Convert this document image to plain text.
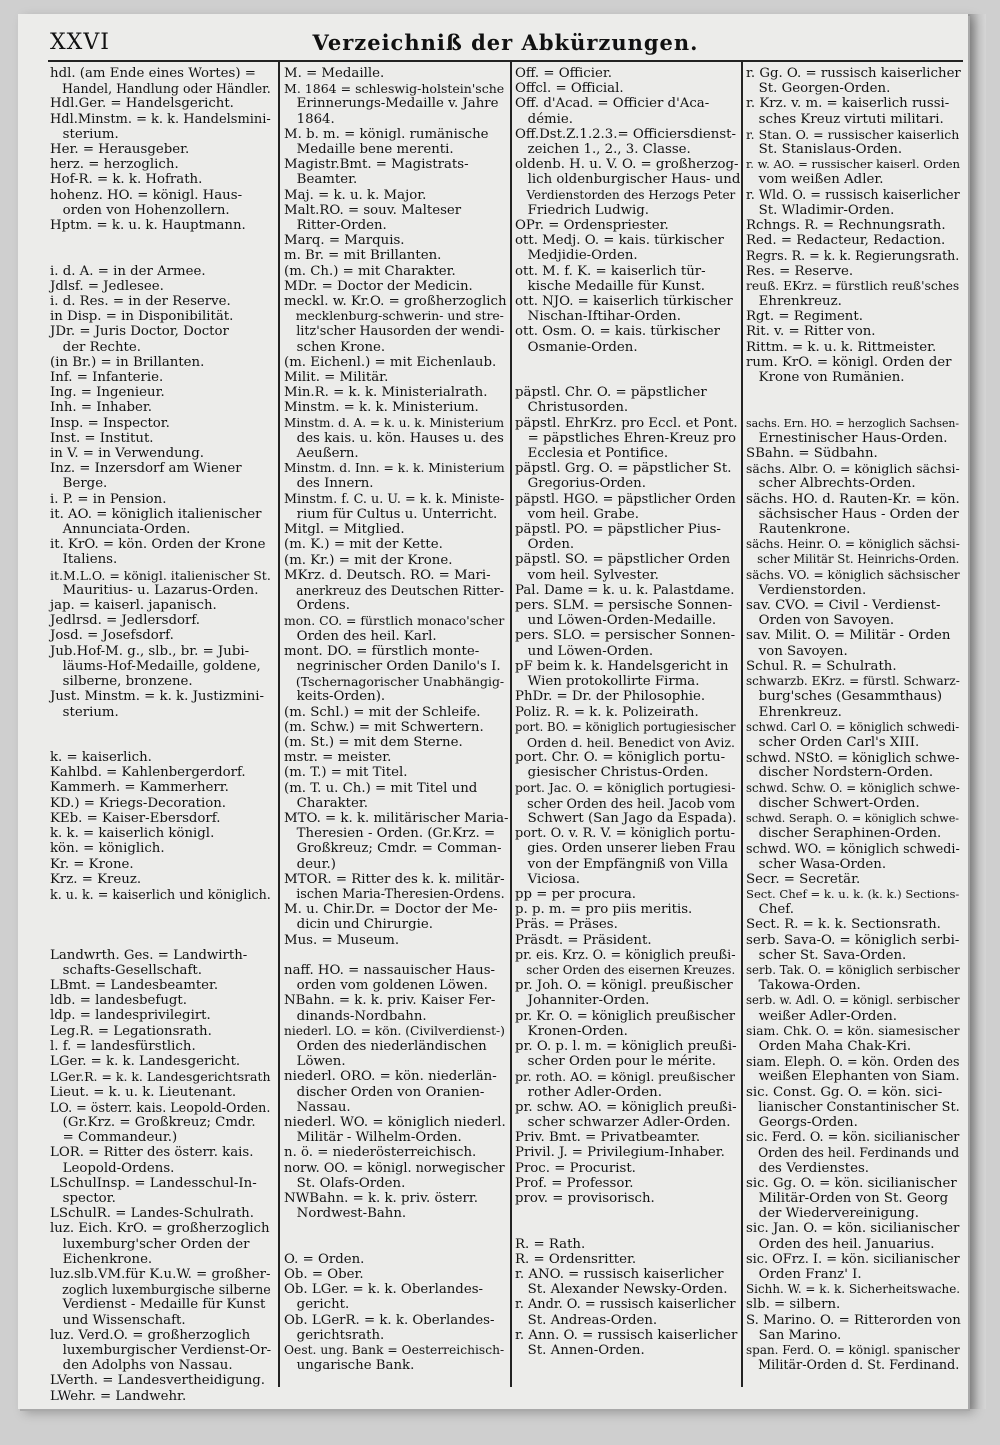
XXVI	Verzeichniß der Abkürzungen.
hdl. (am Ende eines Wortes) =
Handel, Handlung oder Händler.
Hdl.Ger. = Handelsgericht.
Hdl.Minstm. = k. k. Handelsmini-
sterium.
Her. = Herausgeber.
herz. = herzoglich.
Hof-R. = k. k. Hofrath.
hohenz. HO. = königl. Haus-
orden von Hohenzollern.
Hptm. = k. u. k. Hauptmann.
i. d. A. = in der Armee.
Jdlsf. = Jedlesee.
i. d. Res. = in der Reserve.
in Disp. = in Disponibilität.
JDr. = Juris Doctor, Doctor
der Rechte.
(in Br.) = in Brillanten.
Inf. = Infanterie.
Ing. = Ingenieur.
Inh. = Inhaber.
Insp. = Inspector.
Inst. = Institut.
in V. = in Verwendung.
Inz. = Inzersdorf am Wiener
Berge.
i. P. = in Pension.
it. AO. = königlich italienischer
Annunciata-Orden.
it. KrO. = kön. Orden der Krone
Italiens.
it.M.L.O. = königl. italienischer St.
Mauritius- u. Lazarus-Orden.
jap. = kaiserl. japanisch.
Jedlrsd. = Jedlersdorf.
Josd. = Josefsdorf.
Jub.Hof-M. g., slb., br. = Jubi-
läums-Hof-Medaille, goldene,
silberne, bronzene.
Just. Minstm. = k. k. Justizmini-
sterium.
k. = kaiserlich.
Kahlbd. = Kahlenbergerdorf.
Kammerh. = Kammerherr.
KD.) = Kriegs-Decoration.
KEb. = Kaiser-Ebersdorf.
k. k. = kaiserlich königl.
kön. = königlich.
Kr. = Krone.
Krz. = Kreuz.
k. u. k. = kaiserlich und königlich.
Landwrth. Ges. = Landwirth-
schafts-Gesellschaft.
LBmt. = Landesbeamter.
ldb. = landesbefugt.
ldp. = landesprivilegirt.
Leg.R. = Legationsrath.
l. f. = landesfürstlich.
LGer. = k. k. Landesgericht.
LGer.R. = k. k. Landesgerichtsrath
Lieut. = k. u. k. Lieutenant.
LO. = österr. kais. Leopold-Orden.
(Gr.Krz. = Großkreuz; Cmdr.
= Commandeur.)
LOR. = Ritter des österr. kais.
Leopold-Ordens.
LSchulInsp. = Landesschul-In-
spector.
LSchulR. = Landes-Schulrath.
luz. Eich. KrO. = großherzoglich
luxemburg'scher Orden der
Eichenkrone.
luz.slb.VM.für K.u.W. = großher-
zoglich luxemburgische silberne
Verdienst - Medaille für Kunst
und Wissenschaft.
luz. Verd.O. = großherzoglich
luxemburgischer Verdienst-Or-
den Adolphs von Nassau.
LVerth. = Landesvertheidigung.
LWehr. = Landwehr.
M. = Medaille.
M. 1864 = schleswig-holstein'sche
Erinnerungs-Medaille v. Jahre
1864.
M. b. m. = königl. rumänische
Medaille bene merenti.
Magistr.Bmt. = Magistrats-
Beamter.
Maj. = k. u. k. Major.
Malt.RO. = souv. Malteser
Ritter-Orden.
Marq. = Marquis.
m. Br. = mit Brillanten.
(m. Ch.) = mit Charakter.
MDr. = Doctor der Medicin.
meckl. w. Kr.O. = großherzoglich
mecklenburg-schwerin- und stre-
litz'scher Hausorden der wendi-
schen Krone.
(m. Eichenl.) = mit Eichenlaub.
Milit. = Militär.
Min.R. = k. k. Ministerialrath.
Minstm. = k. k. Ministerium.
Minstm. d. A. = k. u. k. Ministerium
des kais. u. kön. Hauses u. des
Aeußern.
Minstm. d. Inn. = k. k. Ministerium
des Innern.
Minstm. f. C. u. U. = k. k. Ministe-
rium für Cultus u. Unterricht.
Mitgl. = Mitglied.
(m. K.) = mit der Kette.
(m. Kr.) = mit der Krone.
MKrz. d. Deutsch. RO. = Mari-
anerkreuz des Deutschen Ritter-
Ordens.
mon. CO. = fürstlich monaco'scher
Orden des heil. Karl.
mont. DO. = fürstlich monte-
negrinischer Orden Danilo's I.
(Tschernagorischer Unabhängig-
keits-Orden).
(m. Schl.) = mit der Schleife.
(m. Schw.) = mit Schwertern.
(m. St.) = mit dem Sterne.
mstr. = meister.
(m. T.) = mit Titel.
(m. T. u. Ch.) = mit Titel und
Charakter.
MTO. = k. k. militärischer Maria-
Theresien - Orden. (Gr.Krz. =
Großkreuz; Cmdr. = Comman-
deur.)
MTOR. = Ritter des k. k. militär-
ischen Maria-Theresien-Ordens.
M. u. Chir.Dr. = Doctor der Me-
dicin und Chirurgie.
Mus. = Museum.
naff. HO. = nassauischer Haus-
orden vom goldenen Löwen.
NBahn. = k. k. priv. Kaiser Fer-
dinands-Nordbahn.
niederl. LO. = kön. (Civilverdienst-)
Orden des niederländischen
Löwen.
niederl. ORO. = kön. niederlän-
discher Orden von Oranien-
Nassau.
niederl. WO. = königlich niederl.
Militär - Wilhelm-Orden.
n. ö. = niederösterreichisch.
norw. OO. = königl. norwegischer
St. Olafs-Orden.
NWBahn. = k. k. priv. österr.
Nordwest-Bahn.
O. = Orden.
Ob. = Ober.
Ob. LGer. = k. k. Oberlandes-
gericht.
Ob. LGerR. = k. k. Oberlandes-
gerichtsrath.
Oest. ung. Bank = Oesterreichisch-
ungarische Bank.
Off. = Officier.
Offcl. = Official.
Off. d'Acad. = Officier d'Aca-
démie.
Off.Dst.Z.1.2.3.= Officiersdienst-
zeichen 1., 2., 3. Classe.
oldenb. H. u. V. O. = großherzog-
lich oldenburgischer Haus- und
Verdienstorden des Herzogs Peter
Friedrich Ludwig.
OPr. = Ordenspriester.
ott. Medj. O. = kais. türkischer
Medjidie-Orden.
ott. M. f. K. = kaiserlich tür-
kische Medaille für Kunst.
ott. NJO. = kaiserlich türkischer
Nischan-Iftihar-Orden.
ott. Osm. O. = kais. türkischer
Osmanie-Orden.
päpstl. Chr. O. = päpstlicher
Christusorden.
päpstl. EhrKrz. pro Eccl. et Pont.
= päpstliches Ehren-Kreuz pro
Ecclesia et Pontifice.
päpstl. Grg. O. = päpstlicher St.
Gregorius-Orden.
päpstl. HGO. = päpstlicher Orden
vom heil. Grabe.
päpstl. PO. = päpstlicher Pius-
Orden.
päpstl. SO. = päpstlicher Orden
vom heil. Sylvester.
Pal. Dame = k. u. k. Palastdame.
pers. SLM. = persische Sonnen-
und Löwen-Orden-Medaille.
pers. SLO. = persischer Sonnen-
und Löwen-Orden.
pF beim k. k. Handelsgericht in
Wien protokollirte Firma.
PhDr. = Dr. der Philosophie.
Poliz. R. = k. k. Polizeirath.
port. BO. = königlich portugiesischer
Orden d. heil. Benedict von Aviz.
port. Chr. O. = königlich portu-
giesischer Christus-Orden.
port. Jac. O. = königlich portugiesi-
scher Orden des heil. Jacob vom
Schwert (San Jago da Espada).
port. O. v. R. V. = königlich portu-
gies. Orden unserer lieben Frau
von der Empfängniß von Villa
Viciosa.
pp = per procura.
p. p. m. = pro piis meritis.
Präs. = Präses.
Präsdt. = Präsident.
pr. eis. Krz. O. = königlich preußi-
scher Orden des eisernen Kreuzes.
pr. Joh. O. = königl. preußischer
Johanniter-Orden.
pr. Kr. O. = königlich preußischer
Kronen-Orden.
pr. O. p. l. m. = königlich preußi-
scher Orden pour le mérite.
pr. roth. AO. = königl. preußischer
rother Adler-Orden.
pr. schw. AO. = königlich preußi-
scher schwarzer Adler-Orden.
Priv. Bmt. = Privatbeamter.
Privil. J. = Privilegium-Inhaber.
Proc. = Procurist.
Prof. = Professor.
prov. = provisorisch.
R. = Rath.
R. = Ordensritter.
r. ANO. = russisch kaiserlicher
St. Alexander Newsky-Orden.
r. Andr. O. = russisch kaiserlicher
St. Andreas-Orden.
r. Ann. O. = russisch kaiserlicher
St. Annen-Orden.
r. Gg. O. = russisch kaiserlicher
St. Georgen-Orden.
r. Krz. v. m. = kaiserlich russi-
sches Kreuz virtuti militari.
r. Stan. O. = russischer kaiserlich
St. Stanislaus-Orden.
r. w. AO. = russischer kaiserl. Orden
vom weißen Adler.
r. Wld. O. = russisch kaiserlicher
St. Wladimir-Orden.
Rchngs. R. = Rechnungsrath.
Red. = Redacteur, Redaction.
Regrs. R. = k. k. Regierungsrath.
Res. = Reserve.
reuß. EKrz. = fürstlich reuß'sches
Ehrenkreuz.
Rgt. = Regiment.
Rit. v. = Ritter von.
Rittm. = k. u. k. Rittmeister.
rum. KrO. = königl. Orden der
Krone von Rumänien.
sachs. Ern. HO. = herzoglich Sachsen-
Ernestinischer Haus-Orden.
SBahn. = Südbahn.
sächs. Albr. O. = königlich sächsi-
scher Albrechts-Orden.
sächs. HO. d. Rauten-Kr. = kön.
sächsischer Haus - Orden der
Rautenkrone.
sächs. Heinr. O. = königlich sächsi-
scher Militär St. Heinrichs-Orden.
sächs. VO. = königlich sächsischer
Verdienstorden.
sav. CVO. = Civil - Verdienst-
Orden von Savoyen.
sav. Milit. O. = Militär - Orden
von Savoyen.
Schul. R. = Schulrath.
schwarzb. EKrz. = fürstl. Schwarz-
burg'sches (Gesammthaus)
Ehrenkreuz.
schwd. Carl O. = königlich schwedi-
scher Orden Carl's XIII.
schwd. NStO. = königlich schwe-
discher Nordstern-Orden.
schwd. Schw. O. = königlich schwe-
discher Schwert-Orden.
schwd. Seraph. O. = königlich schwe-
discher Seraphinen-Orden.
schwd. WO. = königlich schwedi-
scher Wasa-Orden.
Secr. = Secretär.
Sect. Chef = k. u. k. (k. k.) Sections-
Chef.
Sect. R. = k. k. Sectionsrath.
serb. Sava-O. = königlich serbi-
scher St. Sava-Orden.
serb. Tak. O. = königlich serbischer
Takowa-Orden.
serb. w. Adl. O. = königl. serbischer
weißer Adler-Orden.
siam. Chk. O. = kön. siamesischer
Orden Maha Chak-Kri.
siam. Eleph. O. = kön. Orden des
weißen Elephanten von Siam.
sic. Const. Gg. O. = kön. sici-
lianischer Constantinischer St.
Georgs-Orden.
sic. Ferd. O. = kön. sicilianischer
Orden des heil. Ferdinands und
des Verdienstes.
sic. Gg. O. = kön. sicilianischer
Militär-Orden von St. Georg
der Wiedervereinigung.
sic. Jan. O. = kön. sicilianischer
Orden des heil. Januarius.
sic. OFrz. I. = kön. sicilianischer
Orden Franz' I.
Sichh. W. = k. k. Sicherheitswache.
slb. = silbern.
S. Marino. O. = Ritterorden von
San Marino.
span. Ferd. O. = königl. spanischer
Militär-Orden d. St. Ferdinand.
